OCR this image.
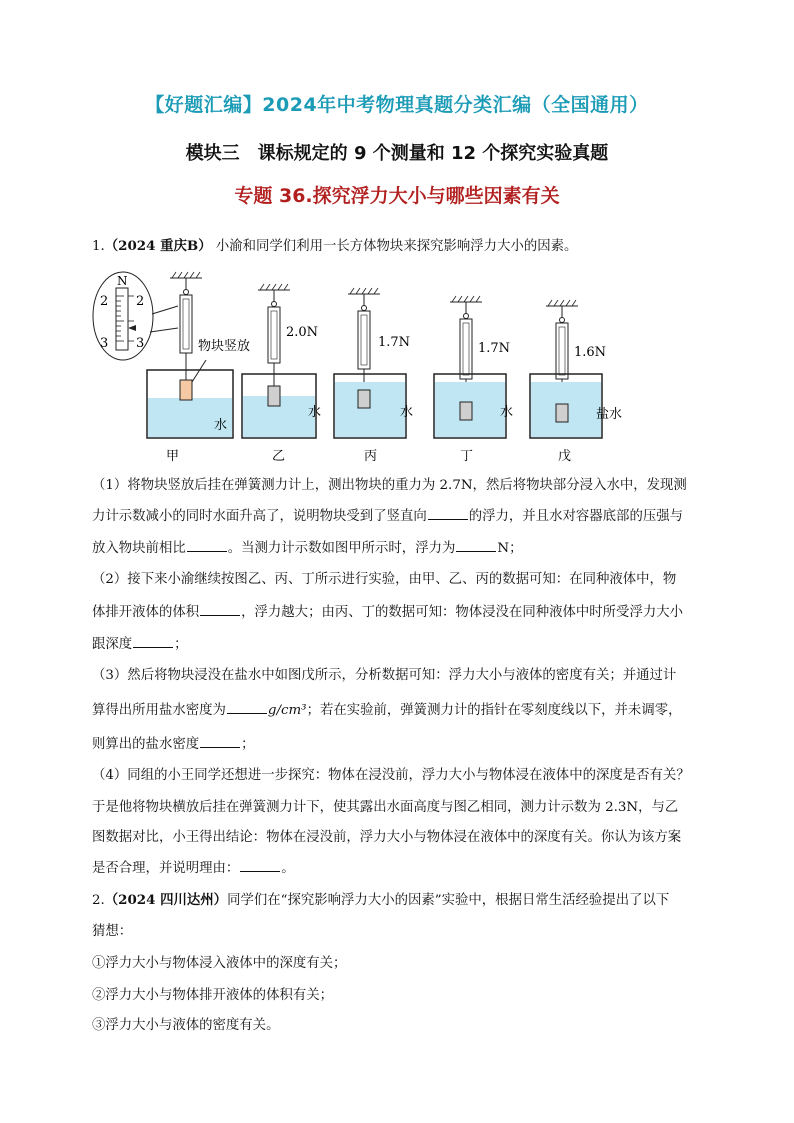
【好题汇编】2024年中考物理真题分类汇编（全国通用）
模块三　课标规定的 9 个测量和 12 个探究实验真题
专题 36.探究浮力大小与哪些因素有关
1.（2024 重庆B） 小渝和同学们利用一长方体物块来探究影响浮力大小的因素。
N
2
3
2
3	物块竖放
水
甲
2.0N
水
乙
1.7N
水
丙
1.7N
水
丁
1.6N
盐水
戊
（1）将物块竖放后挂在弹簧测力计上，测出物块的重力为 2.7N，然后将物块部分浸入水中，发现测
力计示数减小的同时水面升高了，说明物块受到了竖直向	的浮力，并且水对容器底部的压强与
放入物块前相比	。当测力计示数如图甲所示时，浮力为	N；
（2）接下来小渝继续按图乙、丙、丁所示进行实验，由甲、乙、丙的数据可知：在同种液体中，物
体排开液体的体积	，浮力越大；由丙、丁的数据可知：物体浸没在同种液体中时所受浮力大小
跟深度	；
（3）然后将物块浸没在盐水中如图戊所示，分析数据可知：浮力大小与液体的密度有关；并通过计
算得出所用盐水密度为	g/cm³；若在实验前，弹簧测力计的指针在零刻度线以下，并未调零，
则算出的盐水密度	；
（4）同组的小王同学还想进一步探究：物体在浸没前，浮力大小与物体浸在液体中的深度是否有关？
于是他将物块横放后挂在弹簧测力计下，使其露出水面高度与图乙相同，测力计示数为 2.3N，与乙
图数据对比，小王得出结论：物体在浸没前，浮力大小与物体浸在液体中的深度有关。你认为该方案
是否合理，并说明理由：	。
2.（2024 四川达州）同学们在“探究影响浮力大小的因素”实验中，根据日常生活经验提出了以下
猜想：
①浮力大小与物体浸入液体中的深度有关；
②浮力大小与物体排开液体的体积有关；
③浮力大小与液体的密度有关。
